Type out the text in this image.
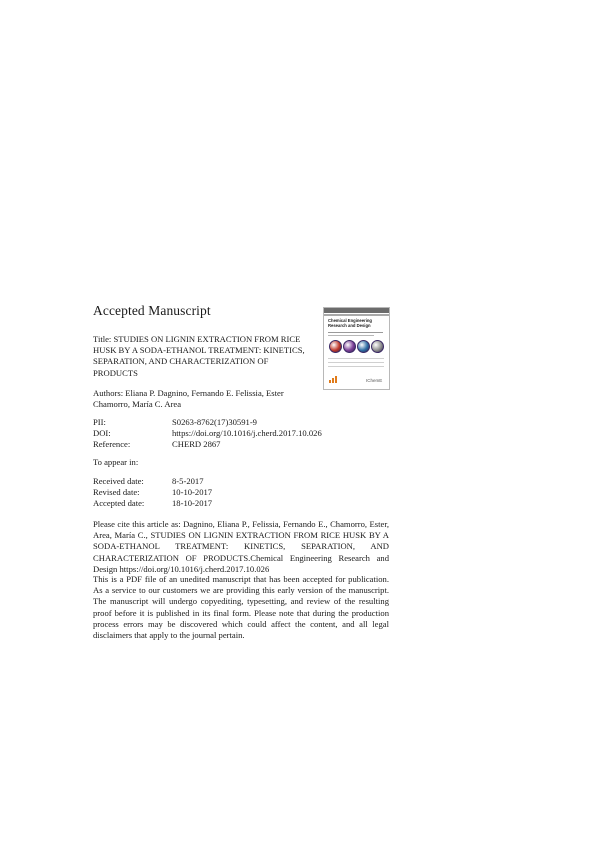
Accepted Manuscript
Title: STUDIES ON LIGNIN EXTRACTION FROM RICE HUSK BY A SODA-ETHANOL TREATMENT: KINETICS, SEPARATION, AND CHARACTERIZATION OF PRODUCTS
Authors: Eliana P. Dagnino, Fernando E. Felissia, Ester Chamorro, María C. Area
PII:	S0263-8762(17)30591-9
DOI:	https://doi.org/10.1016/j.cherd.2017.10.026
Reference:	CHERD 2867
To appear in:
Received date:	8-5-2017
Revised date:	10-10-2017
Accepted date:	18-10-2017
Please cite this article as: Dagnino, Eliana P., Felissia, Fernando E., Chamorro, Ester, Area, María C., STUDIES ON LIGNIN EXTRACTION FROM RICE HUSK BY A SODA-ETHANOL TREATMENT: KINETICS, SEPARATION, AND CHARACTERIZATION OF PRODUCTS.Chemical Engineering Research and Design https://doi.org/10.1016/j.cherd.2017.10.026
This is a PDF file of an unedited manuscript that has been accepted for publication. As a service to our customers we are providing this early version of the manuscript. The manuscript will undergo copyediting, typesetting, and review of the resulting proof before it is published in its final form. Please note that during the production process errors may be discovered which could affect the content, and all legal disclaimers that apply to the journal pertain.
Chemical Engineering Research and Design
IChemE
